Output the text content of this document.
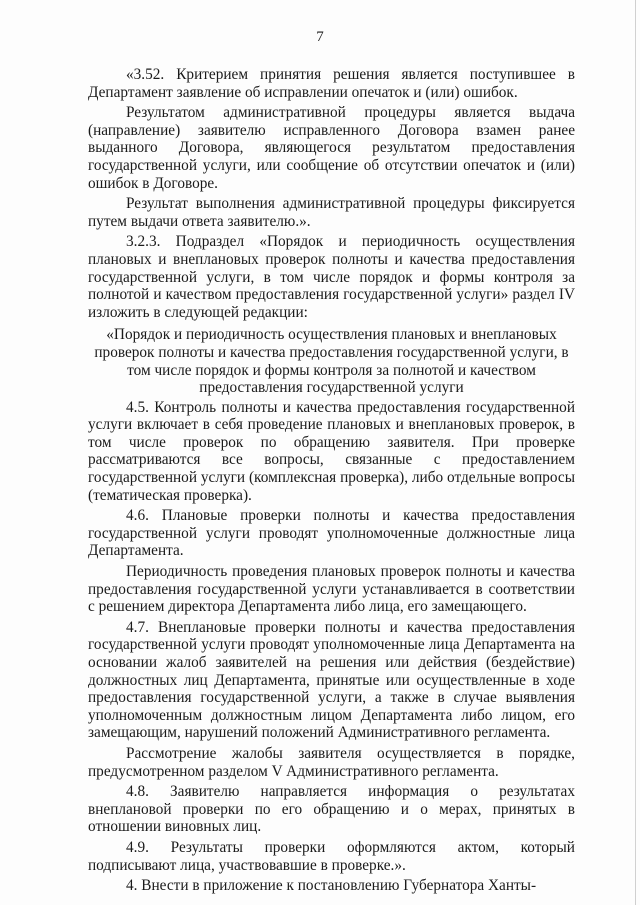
7

«3.52. Критерием принятия решения является поступившее в Департамент заявление об исправлении опечаток и (или) ошибок.

Результатом административной процедуры является выдача (направление) заявителю исправленного Договора взамен ранее выданного Договора, являющегося результатом предоставления государственной услуги, или сообщение об отсутствии опечаток и (или) ошибок в Договоре.

Результат выполнения административной процедуры фиксируется путем выдачи ответа заявителю.».

3.2.3. Подраздел «Порядок и периодичность осуществления плановых и внеплановых проверок полноты и качества предоставления государственной услуги, в том числе порядок и формы контроля за полнотой и качеством предоставления государственной услуги» раздел IV изложить в следующей редакции:

«Порядок и периодичность осуществления плановых и внеплановых проверок полноты и качества предоставления государственной услуги, в том числе порядок и формы контроля за полнотой и качеством предоставления государственной услуги

4.5. Контроль полноты и качества предоставления государственной услуги включает в себя проведение плановых и внеплановых проверок, в том числе проверок по обращению заявителя. При проверке рассматриваются все вопросы, связанные с предоставлением государственной услуги (комплексная проверка), либо отдельные вопросы (тематическая проверка).

4.6. Плановые проверки полноты и качества предоставления государственной услуги проводят уполномоченные должностные лица Департамента.

Периодичность проведения плановых проверок полноты и качества предоставления государственной услуги устанавливается в соответствии с решением директора Департамента либо лица, его замещающего.

4.7. Внеплановые проверки полноты и качества предоставления государственной услуги проводят уполномоченные лица Департамента на основании жалоб заявителей на решения или действия (бездействие) должностных лиц Департамента, принятые или осуществленные в ходе предоставления государственной услуги, а также в случае выявления уполномоченным должностным лицом Департамента либо лицом, его замещающим, нарушений положений Административного регламента.

Рассмотрение жалобы заявителя осуществляется в порядке, предусмотренном разделом V Административного регламента.

4.8. Заявителю направляется информация о результатах внеплановой проверки по его обращению и о мерах, принятых в отношении виновных лиц.

4.9. Результаты проверки оформляются актом, который подписывают лица, участвовавшие в проверке.».

4. Внести в приложение к постановлению Губернатора Ханты-
